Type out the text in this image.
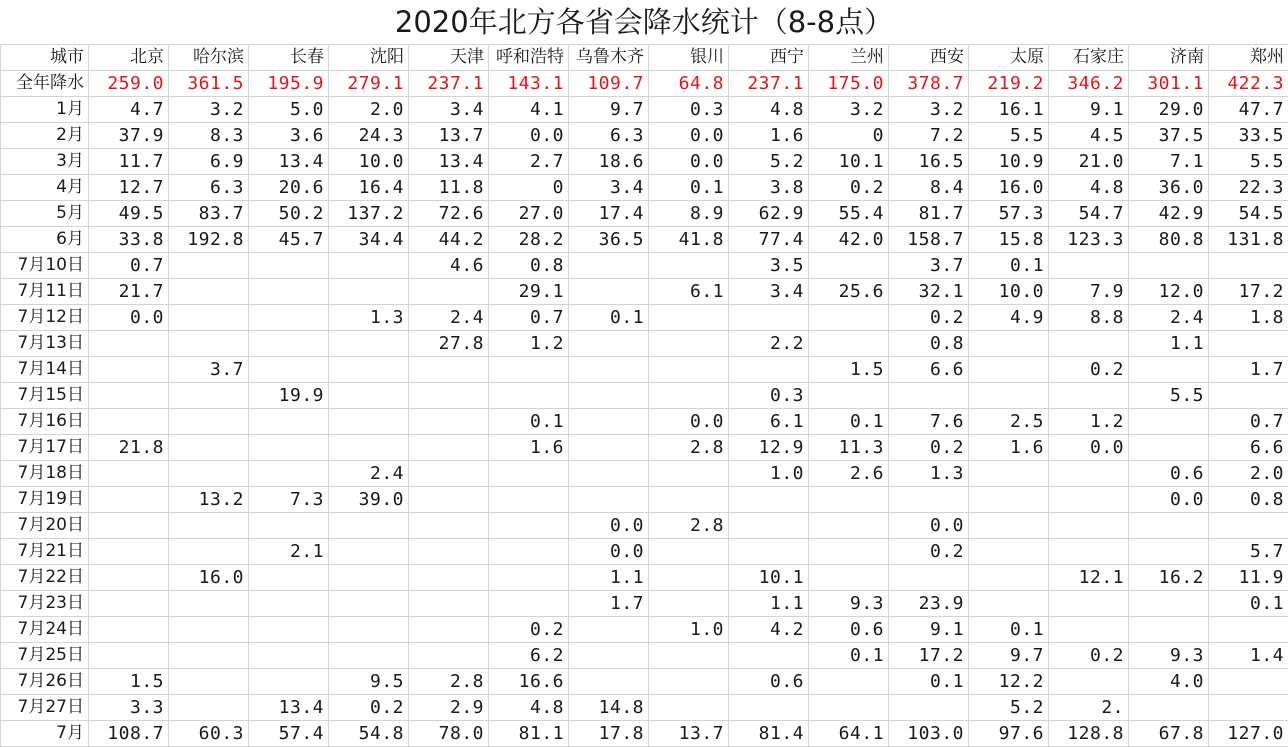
2020年北方各省会降水统计（8-8点）
城市	北京	哈尔滨	长春	沈阳	天津	呼和浩特	乌鲁木齐	银川	西宁	兰州	西安	太原	石家庄	济南	郑州
全年降水	259.0	361.5	195.9	279.1	237.1	143.1	109.7	64.8	237.1	175.0	378.7	219.2	346.2	301.1	422.3
1月	4.7	3.2	5.0	2.0	3.4	4.1	9.7	0.3	4.8	3.2	3.2	16.1	9.1	29.0	47.7
2月	37.9	8.3	3.6	24.3	13.7	0.0	6.3	0.0	1.6	0	7.2	5.5	4.5	37.5	33.5
3月	11.7	6.9	13.4	10.0	13.4	2.7	18.6	0.0	5.2	10.1	16.5	10.9	21.0	7.1	5.5
4月	12.7	6.3	20.6	16.4	11.8	0	3.4	0.1	3.8	0.2	8.4	16.0	4.8	36.0	22.3
5月	49.5	83.7	50.2	137.2	72.6	27.0	17.4	8.9	62.9	55.4	81.7	57.3	54.7	42.9	54.5
6月	33.8	192.8	45.7	34.4	44.2	28.2	36.5	41.8	77.4	42.0	158.7	15.8	123.3	80.8	131.8
7月10日	0.7				4.6	0.8			3.5		3.7	0.1			
7月11日	21.7					29.1		6.1	3.4	25.6	32.1	10.0	7.9	12.0	17.2
7月12日	0.0			1.3	2.4	0.7	0.1				0.2	4.9	8.8	2.4	1.8
7月13日					27.8	1.2			2.2		0.8			1.1	
7月14日		3.7								1.5	6.6		0.2		1.7
7月15日			19.9						0.3					5.5	
7月16日						0.1		0.0	6.1	0.1	7.6	2.5	1.2		0.7
7月17日	21.8					1.6		2.8	12.9	11.3	0.2	1.6	0.0		6.6
7月18日				2.4					1.0	2.6	1.3			0.6	2.0
7月19日		13.2	7.3	39.0										0.0	0.8
7月20日							0.0	2.8			0.0				
7月21日			2.1				0.0				0.2				5.7
7月22日		16.0					1.1		10.1				12.1	16.2	11.9
7月23日							1.7		1.1	9.3	23.9				0.1
7月24日						0.2		1.0	4.2	0.6	9.1	0.1			
7月25日						6.2				0.1	17.2	9.7	0.2	9.3	1.4
7月26日	1.5			9.5	2.8	16.6			0.6		0.1	12.2		4.0	
7月27日	3.3		13.4	0.2	2.9	4.8	14.8					5.2	2.		
7月	108.7	60.3	57.4	54.8	78.0	81.1	17.8	13.7	81.4	64.1	103.0	97.6	128.8	67.8	127.0
